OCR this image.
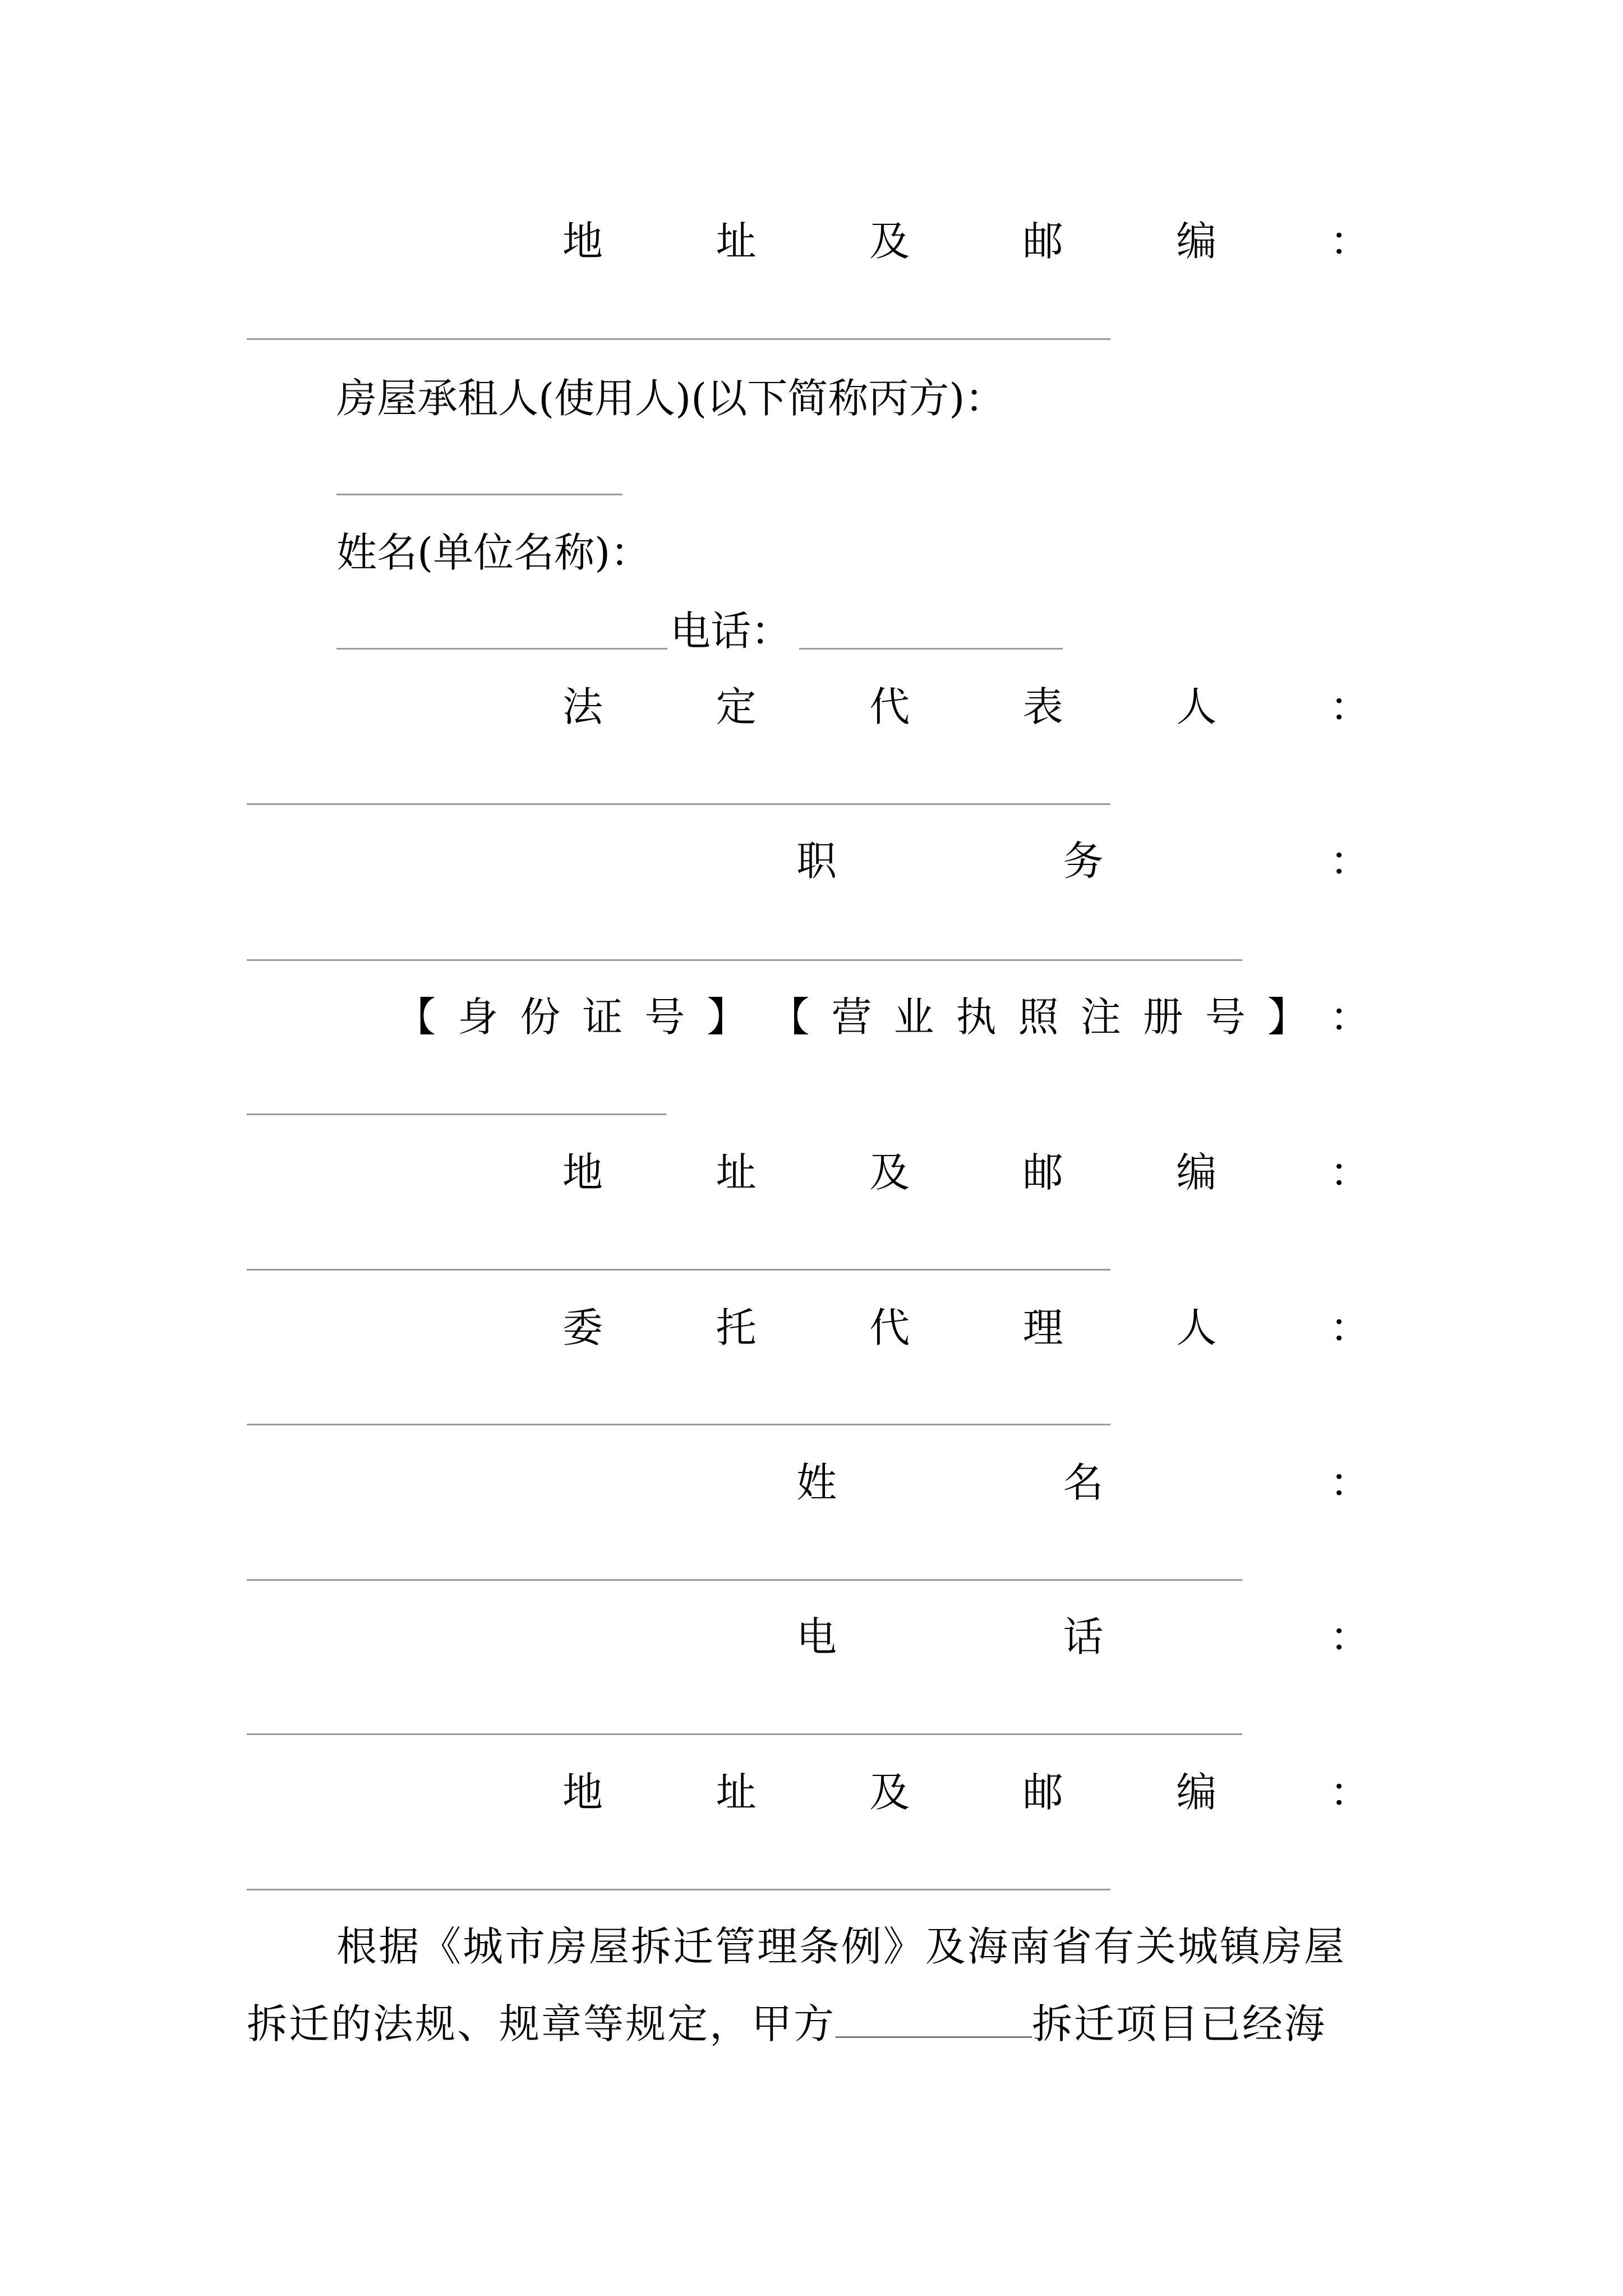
地	址	及	邮	编	：
房屋承租人(使用人)(以下简称丙方)：
姓名(单位名称)：
电话：
法	定	代	表	人	：
职	务	：
【 身 份 证 号 】 【 营 业 执 照 注 册 号 】 ：
地	址	及	邮	编	：
委	托	代	理	人	：
姓	名	：
电	话	：
地	址	及	邮	编	：
根据《城市房屋拆迁管理条例》及海南省有关城镇房屋
拆迁的法规、规章等规定，甲方	拆迁项目已经海
